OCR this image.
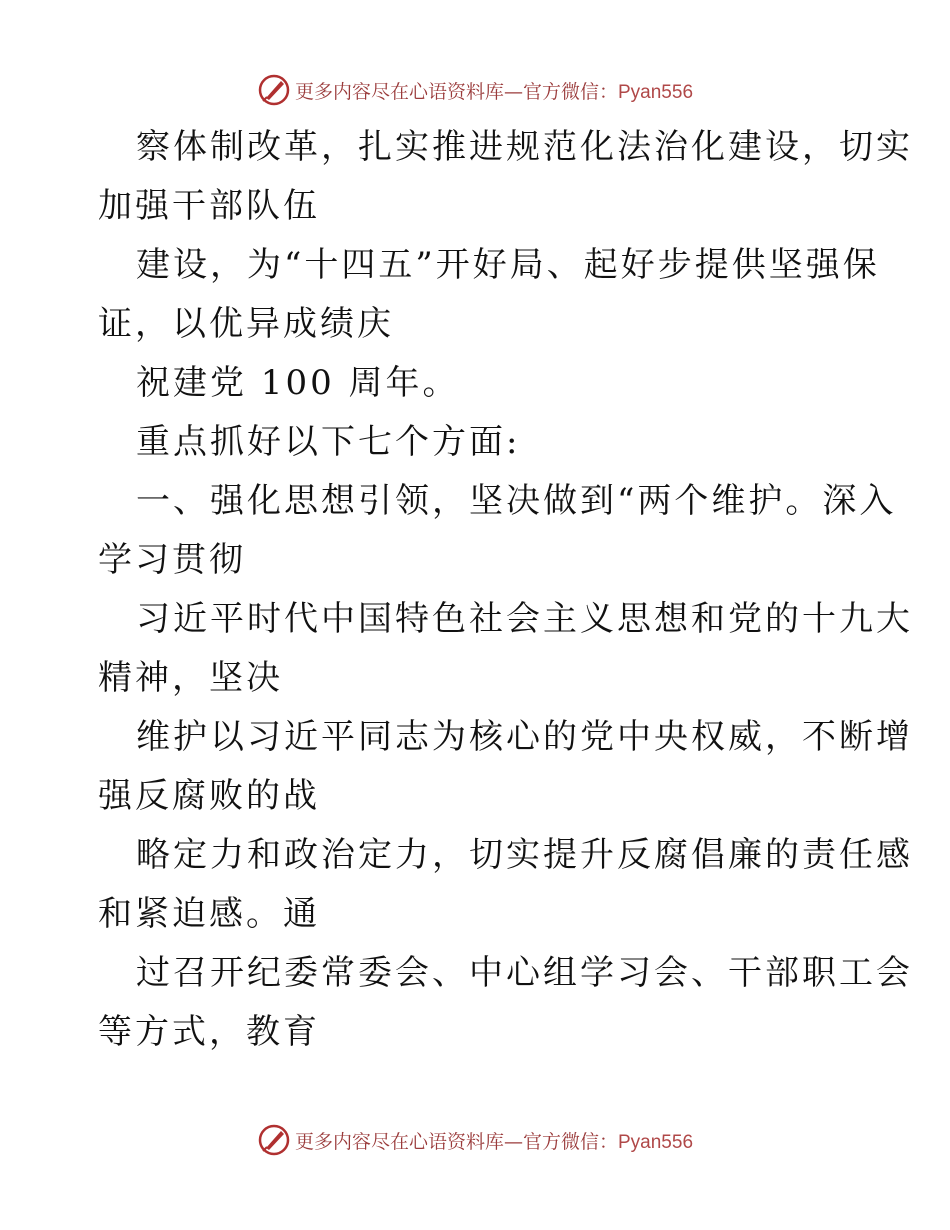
更多内容尽在心语资料库—官方微信：Pyan556
察体制改革，扎实推进规范化法治化建设，切实
加强干部队伍
建设，为“十四五”开好局、起好步提供坚强保
证，以优异成绩庆
祝建党 100 周年。
重点抓好以下七个方面:
一、强化思想引领，坚决做到“两个维护。深入
学习贯彻
习近平时代中国特色社会主义思想和党的十九大
精神，坚决
维护以习近平同志为核心的党中央权威，不断增
强反腐败的战
略定力和政治定力，切实提升反腐倡廉的责任感
和紧迫感。通
过召开纪委常委会、中心组学习会、干部职工会
等方式，教育
更多内容尽在心语资料库—官方微信：Pyan556
